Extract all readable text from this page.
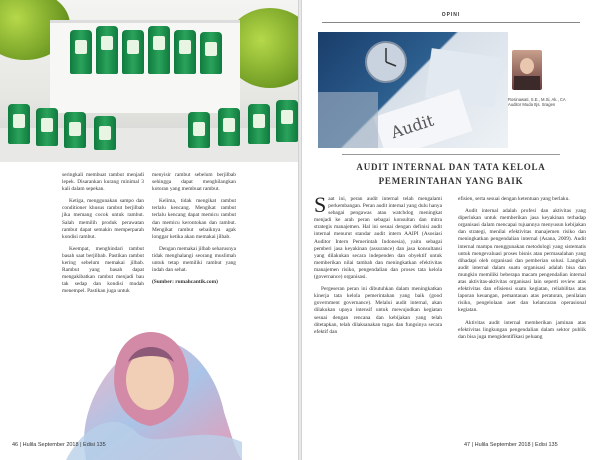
seringkali membuat rambut menjadi lepek. Disarankan kurang minimal 3 kali dalam sepekan.

Ketiga, menggunakan sampo dan conditioner khusus rambut berjilbab jika memang cocok untuk rambut. Salah memilih produk perawatan rambut dapat semakin memperparah kondisi rambut.

Keempat, menghindari rambut basah saat berjilbab. Pastikan rambut kering sebelum memakai jilbab. Rambut yang basah dapat mengakibatkan rambut menjadi bau tak sedap dan kondisi mudah menempel. Pastikan juga untuk

menyisir rambut sebelum berjilbab sehingga dapat menghilangkan kotoran yang membuat rambut.

Kelima, tidak mengikat rambut terlalu kencang. Mengikat rambut terlalu kencang dapat memicu rambut dan memicu kerontokan dan rambut. Mengikat rambut sebaiknya agak longgar ketika akan memakai jilbab.

Dengan memakai jilbab seharusnya tidak menghalangi seorang muslimah untuk tetap memiliki rambut yang indah dan sehat.

(Sumber: rumahcantik.com)

46 | Hulila September 2018 | Edisi 135
OPINI
Audit
Rosinawati, S.E., M.Si, Ak., CA
Auditor Muda Itjs. Sragen
AUDIT INTERNAL DAN TATA KELOLA
PEMERINTAHAN YANG BAIK

Saat ini, peran audit internal telah mengalami perkembangan. Peran audit internal yang dulu hanya sebagai pengawas atau watchdog meningkat menjadi ke arah peran sebagai konsultan dan mitra strategis manajemen. Hal ini sesuai dengan definisi audit internal menurut standar audit intern AAIPI (Asosiasi Auditor Intern Pemerintah Indonesia), yaitu sebagai pemberi jasa keyakinan (assurance) dan jasa konsultansi yang dilakukan secara independen dan obyektif untuk memberikan nilai tambah dan meningkatkan efektivitas manajemen risiko, pengendalian dan proses tata kelola (governance) organisasi.

Pergeseran peran ini dibutuhkan dalam meningkatkan kinerja tata kelola pemerintahan yang baik (good government governance). Melalui audit internal, akan dilakukan upaya intensif untuk mewujudkan kegiatan sesuai dengan rencana dan kebijakan yang telah ditetapkan, telah dilaksanakan tugas dan fungsinya secara efektif dan

efisien, serta sesuai dengan ketentuan yang berlaku.

Audit internal adalah profesi dan aktivitas yang diperlukan untuk memberikan jasa keyakinan terhadap organisasi dalam mencapai tujuannya menyusun kebijakan dan strategi, menilai efektivitas manajemen risiko dan meningkatkan pengendalian internal (Asana, 2009). Audit internal mampu menggunakan metodologi yang sistematis untuk mengevaluasi proses bisnis atau permasalahan yang dihadapi oleh organisasi dan pemberian solusi. Langkah audit internal dalam suatu organisasi adalah bisa dan mungkin memiliki beberapa macam pengendalian internal atas aktivitas-aktivitas organisasi lain seperti review atas efektivitas dan efisiensi suatu kegiatan, reliabilitas atas laporan keuangan, pemantauan atas peraturan, penilaian risiko, pengelolaan aset dan kelancaran operasional kegiatan.

Aktivitas audit internal memberikan jaminan atas efektivitas lingkungan pengendalian dalam sektor publik dan bisa juga mengidentifikasi peluang

47 | Hulila September 2018 | Edisi 135
